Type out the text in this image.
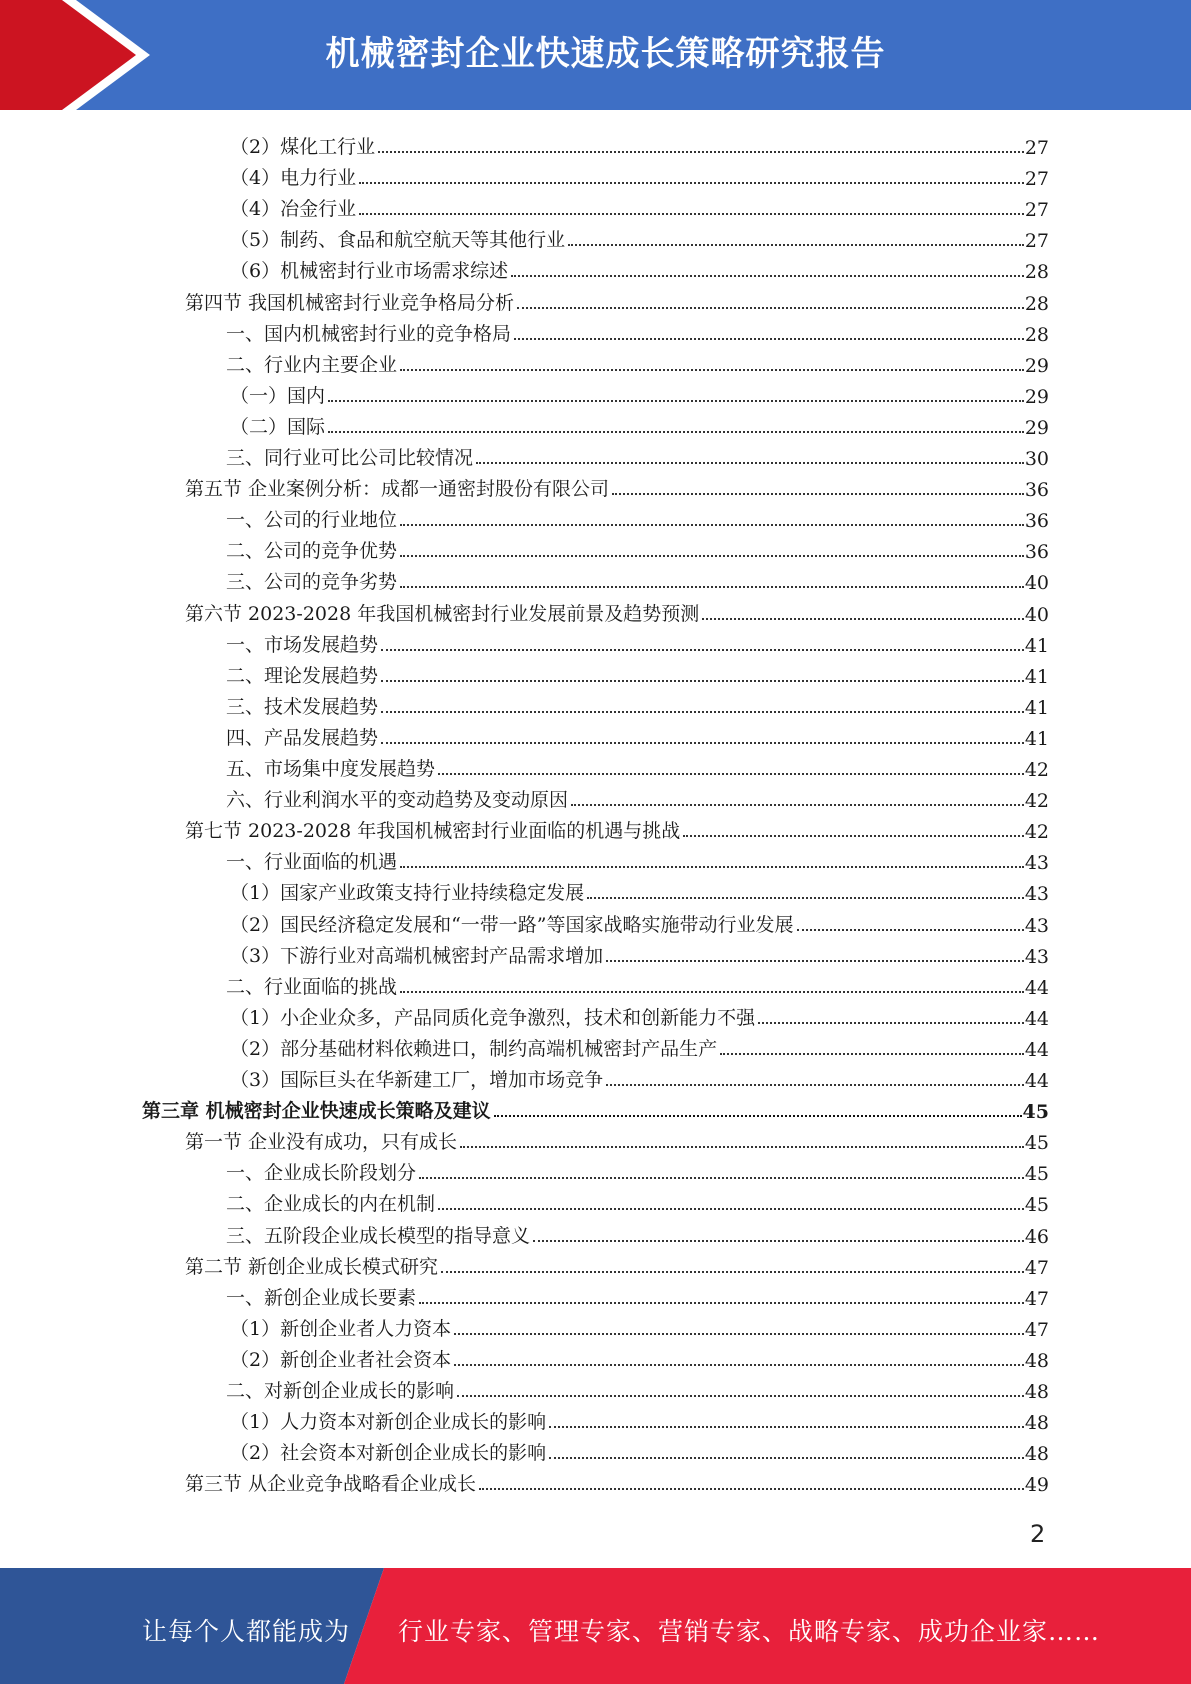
机械密封企业快速成长策略研究报告
（2）煤化工行业	27
（4）电力行业	27
（4）冶金行业	27
（5）制药、食品和航空航天等其他行业	27
（6）机械密封行业市场需求综述	28
第四节 我国机械密封行业竞争格局分析	28
一、国内机械密封行业的竞争格局	28
二、行业内主要企业	29
（一）国内	29
（二）国际	29
三、同行业可比公司比较情况	30
第五节 企业案例分析：成都一通密封股份有限公司	36
一、公司的行业地位	36
二、公司的竞争优势	36
三、公司的竞争劣势	40
第六节 2023-2028 年我国机械密封行业发展前景及趋势预测	40
一、市场发展趋势	41
二、理论发展趋势	41
三、技术发展趋势	41
四、产品发展趋势	41
五、市场集中度发展趋势	42
六、行业利润水平的变动趋势及变动原因	42
第七节 2023-2028 年我国机械密封行业面临的机遇与挑战	42
一、行业面临的机遇	43
（1）国家产业政策支持行业持续稳定发展	43
（2）国民经济稳定发展和“一带一路”等国家战略实施带动行业发展	43
（3）下游行业对高端机械密封产品需求增加	43
二、行业面临的挑战	44
（1）小企业众多，产品同质化竞争激烈，技术和创新能力不强	44
（2）部分基础材料依赖进口，制约高端机械密封产品生产	44
（3）国际巨头在华新建工厂，增加市场竞争	44
第三章 机械密封企业快速成长策略及建议	45
第一节 企业没有成功，只有成长	45
一、企业成长阶段划分	45
二、企业成长的内在机制	45
三、五阶段企业成长模型的指导意义	46
第二节 新创企业成长模式研究	47
一、新创企业成长要素	47
（1）新创企业者人力资本	47
（2）新创企业者社会资本	48
二、对新创企业成长的影响	48
（1）人力资本对新创企业成长的影响	48
（2）社会资本对新创企业成长的影响	48
第三节 从企业竞争战略看企业成长	49
2
让每个人都能成为 行业专家、管理专家、营销专家、战略专家、成功企业家……
